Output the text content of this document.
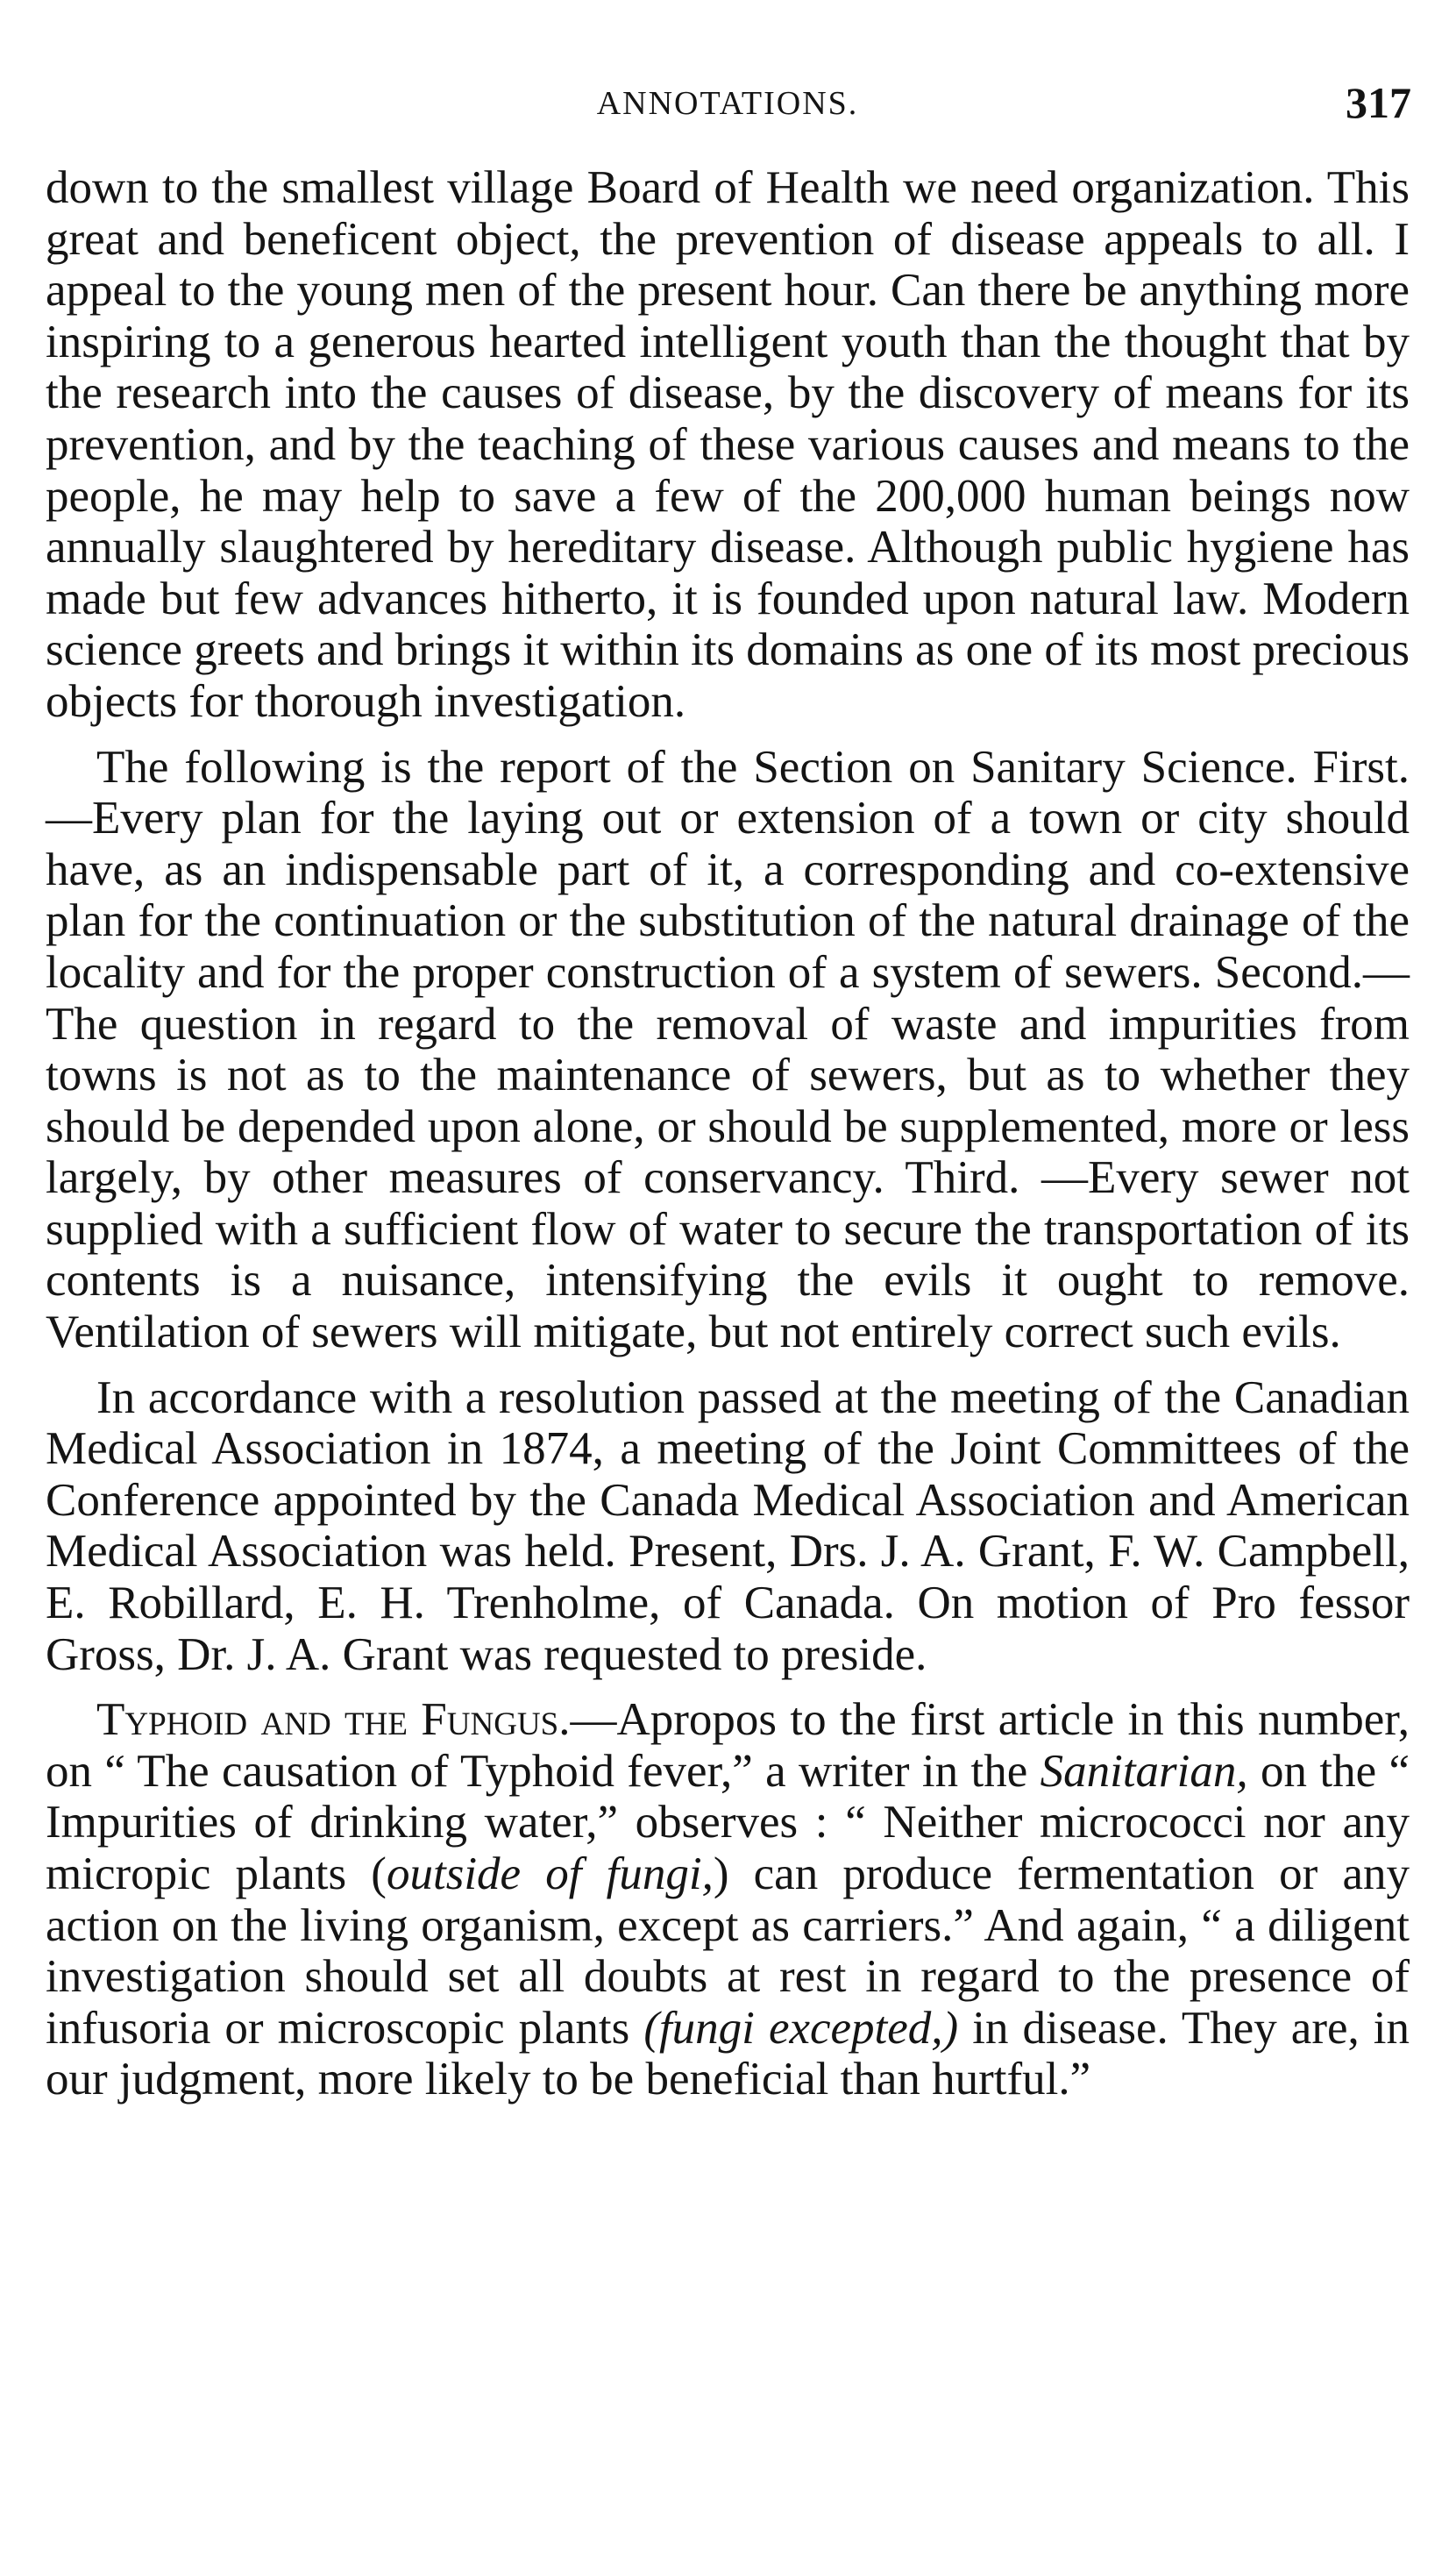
ANNOTATIONS.	317

down to the smallest village Board of Health we need organization. This great and beneficent object, the prevention of disease appeals to all. I appeal to the young men of the present hour. Can there be anything more inspiring to a generous hearted intelligent youth than the thought that by the research into the causes of disease, by the discovery of means for its prevention, and by the teaching of these various causes and means to the people, he may help to save a few of the 200,000 human beings now annually slaughtered by hereditary disease. Although public hygiene has made but few advances hitherto, it is founded upon natural law. Modern science greets and brings it within its domains as one of its most precious objects for thorough investigation.

The following is the report of the Section on Sanitary Science. First.—Every plan for the laying out or extension of a town or city should have, as an indispensable part of it, a corresponding and co-extensive plan for the continuation or the substitution of the natural drainage of the locality and for the proper construction of a system of sewers. Second.—The question in regard to the removal of waste and impurities from towns is not as to the maintenance of sewers, but as to whether they should be depended upon alone, or should be supplemented, more or less largely, by other measures of conservancy. Third. —Every sewer not supplied with a sufficient flow of water to secure the transportation of its contents is a nuisance, intensifying the evils it ought to remove. Ventilation of sewers will mitigate, but not entirely correct such evils.

In accordance with a resolution passed at the meeting of the Canadian Medical Association in 1874, a meeting of the Joint Committees of the Conference appointed by the Canada Medical Association and American Medical Association was held. Present, Drs. J. A. Grant, F. W. Campbell, E. Robillard, E. H. Trenholme, of Canada. On motion of Pro fessor Gross, Dr. J. A. Grant was requested to preside.

Typhoid and the Fungus.—Apropos to the first article in this number, on “ The causation of Typhoid fever,” a writer in the Sanitarian, on the “ Impurities of drinking water,” observes : “ Neither micrococci nor any micropic plants (outside of fungi,) can produce fermentation or any action on the living organism, except as carriers.” And again, “ a diligent investigation should set all doubts at rest in regard to the presence of infusoria or microscopic plants (fungi excepted,) in disease. They are, in our judgment, more likely to be beneficial than hurtful.”
